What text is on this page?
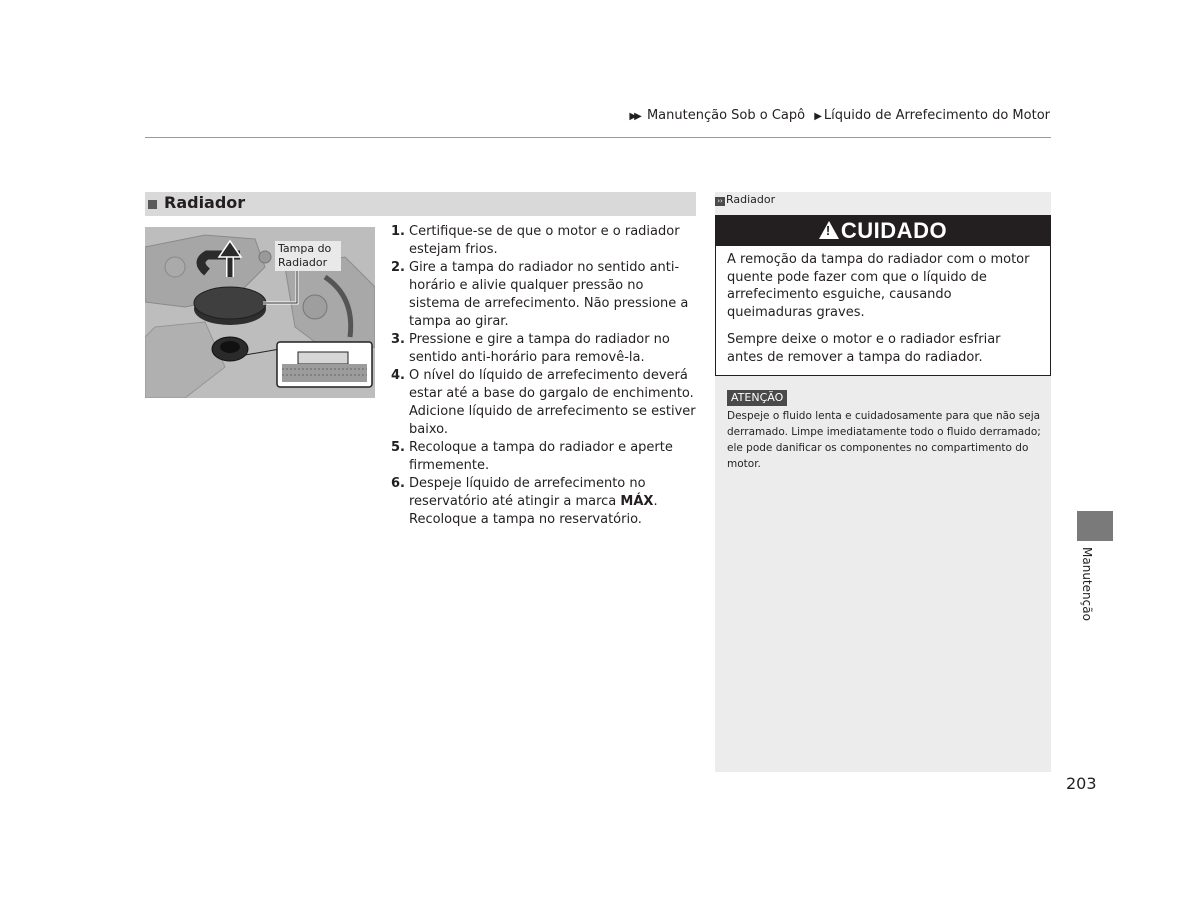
▶▶ Manutenção Sob o Capô ▶ Líquido de Arrefecimento do Motor
Radiador
Tampa do
Radiador
1. Certifique-se de que o motor e o radiador estejam frios.
2. Gire a tampa do radiador no sentido anti-horário e alivie qualquer pressão no sistema de arrefecimento. Não pressione a tampa ao girar.
3. Pressione e gire a tampa do radiador no sentido anti-horário para removê-la.
4. O nível do líquido de arrefecimento deverá estar até a base do gargalo de enchimento. Adicione líquido de arrefecimento se estiver baixo.
5. Recoloque a tampa do radiador e aperte firmemente.
6. Despeje líquido de arrefecimento no reservatório até atingir a marca MÁX. Recoloque a tampa no reservatório.
›› Radiador
!CUIDADO

A remoção da tampa do radiador com o motor quente pode fazer com que o líquido de arrefecimento esguiche, causando queimaduras graves.

Sempre deixe o motor e o radiador esfriar antes de remover a tampa do radiador.

ATENÇÃO
Despeje o fluido lenta e cuidadosamente para que não seja derramado. Limpe imediatamente todo o fluido derramado; ele pode danificar os componentes no compartimento do motor.
Manutenção
203
